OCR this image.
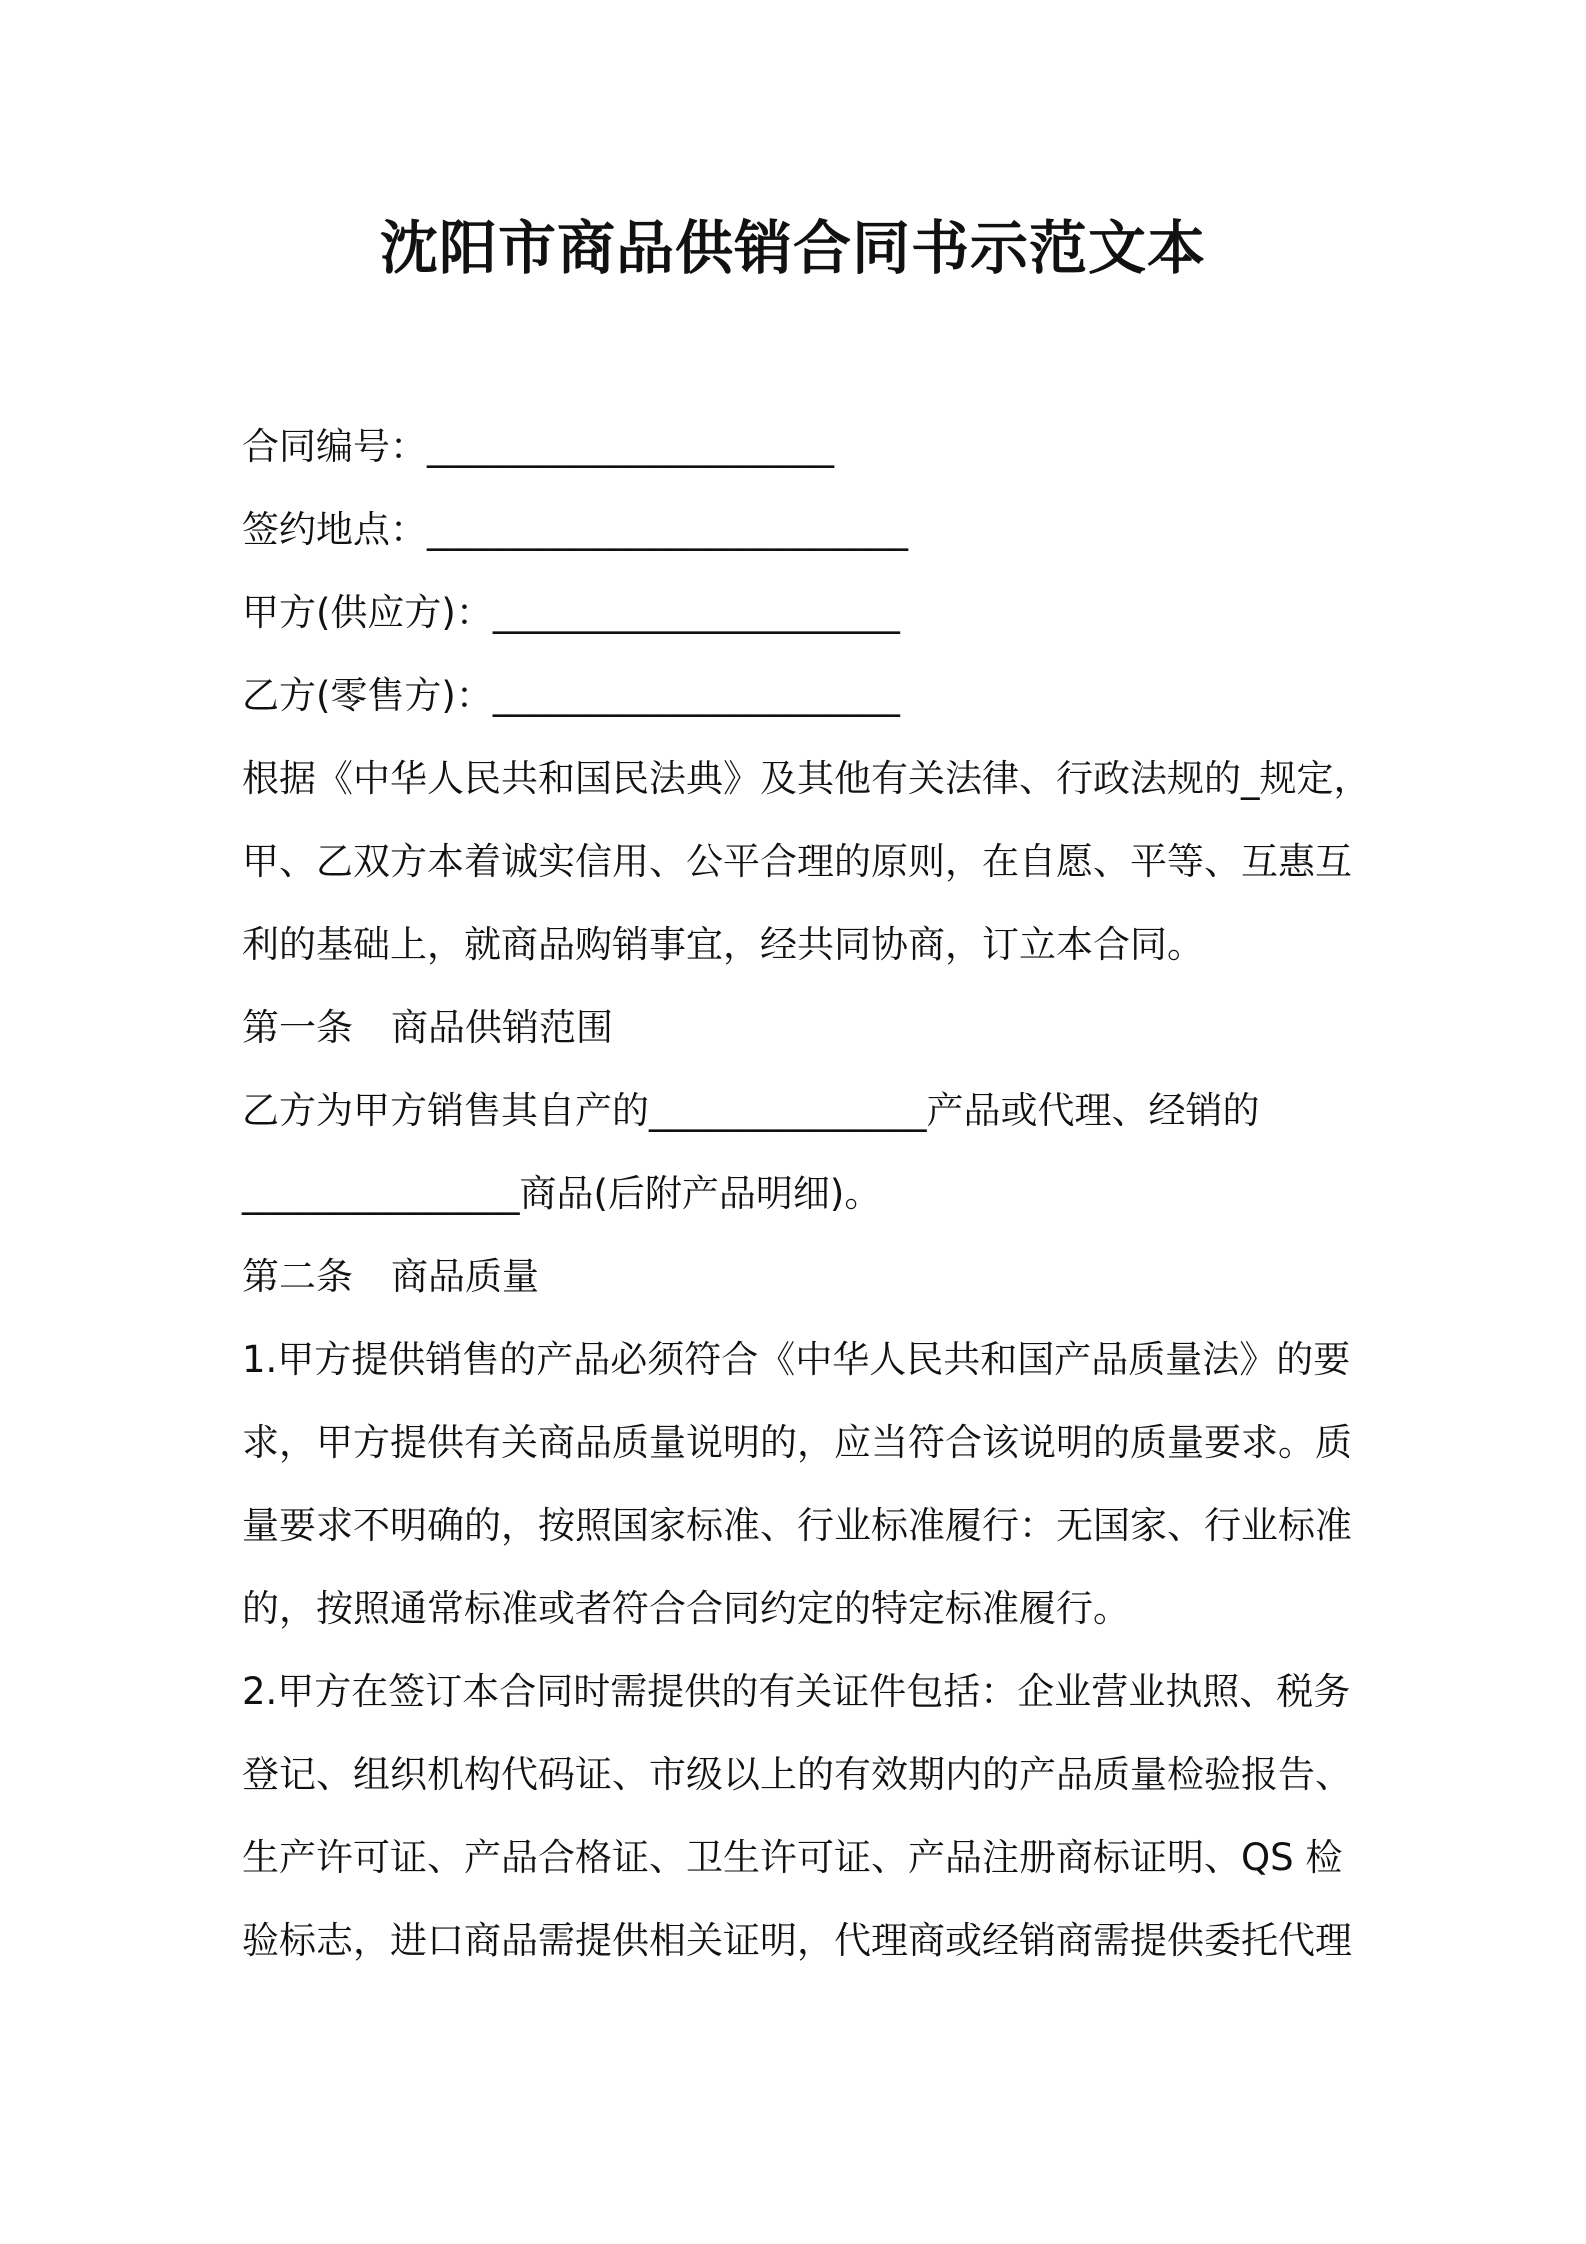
沈阳市商品供销合同书示范文本
合同编号：______________________
签约地点：__________________________
甲方(供应方)：______________________
乙方(零售方)：______________________
根据《中华人民共和国民法典》及其他有关法律、行政法规的_规定，
甲、乙双方本着诚实信用、公平合理的原则，在自愿、平等、互惠互
利的基础上，就商品购销事宜，经共同协商，订立本合同。
第一条 商品供销范围
乙方为甲方销售其自产的_______________产品或代理、经销的
_______________商品(后附产品明细)。
第二条 商品质量
1.甲方提供销售的产品必须符合《中华人民共和国产品质量法》的要
求，甲方提供有关商品质量说明的，应当符合该说明的质量要求。质
量要求不明确的，按照国家标准、行业标准履行：无国家、行业标准
的，按照通常标准或者符合合同约定的特定标准履行。
2.甲方在签订本合同时需提供的有关证件包括：企业营业执照、税务
登记、组织机构代码证、市级以上的有效期内的产品质量检验报告、
生产许可证、产品合格证、卫生许可证、产品注册商标证明、QS 检
验标志，进口商品需提供相关证明，代理商或经销商需提供委托代理
